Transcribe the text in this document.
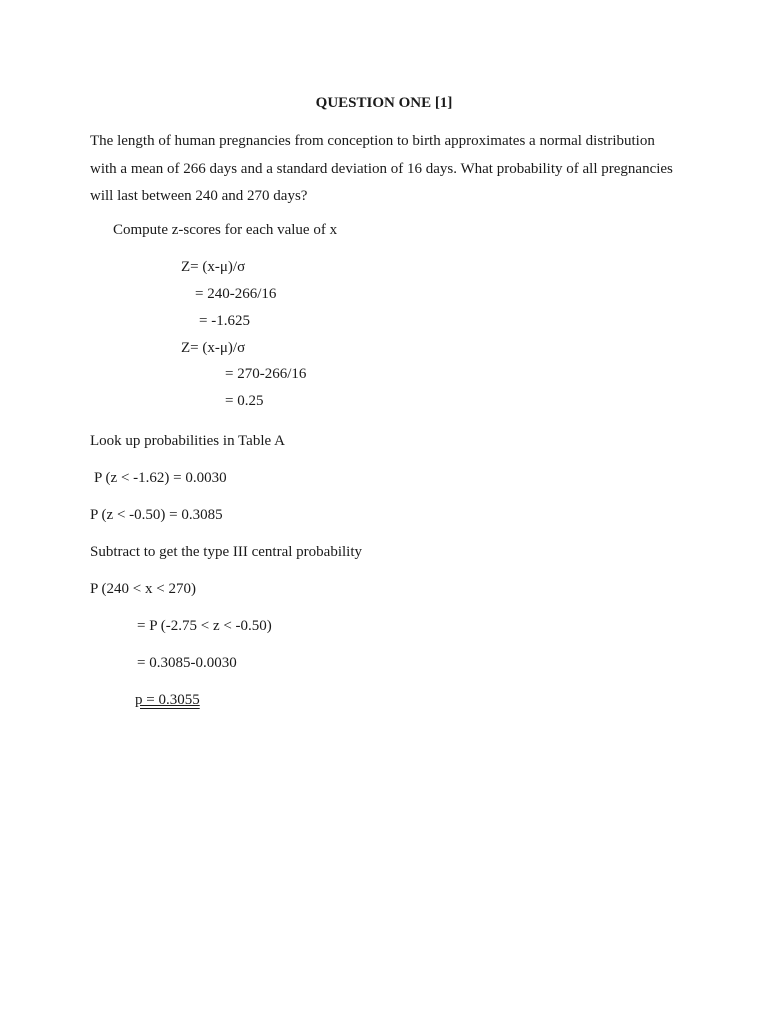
QUESTION ONE [1]
The length of human pregnancies from conception to birth approximates a normal distribution
with a mean of 266 days and a standard deviation of 16 days. What probability of all pregnancies
will last between 240 and 270 days?
Compute z-scores for each value of x
Z= (x-μ)/σ
= 240-266/16
= -1.625
Z= (x-μ)/σ
= 270-266/16
= 0.25
Look up probabilities in Table A
P (z < -1.62) = 0.0030
P (z < -0.50) = 0.3085
Subtract to get the type III central probability
P (240 < x < 270)
= P (-2.75 < z < -0.50)
= 0.3085-0.0030
p = 0.3055
